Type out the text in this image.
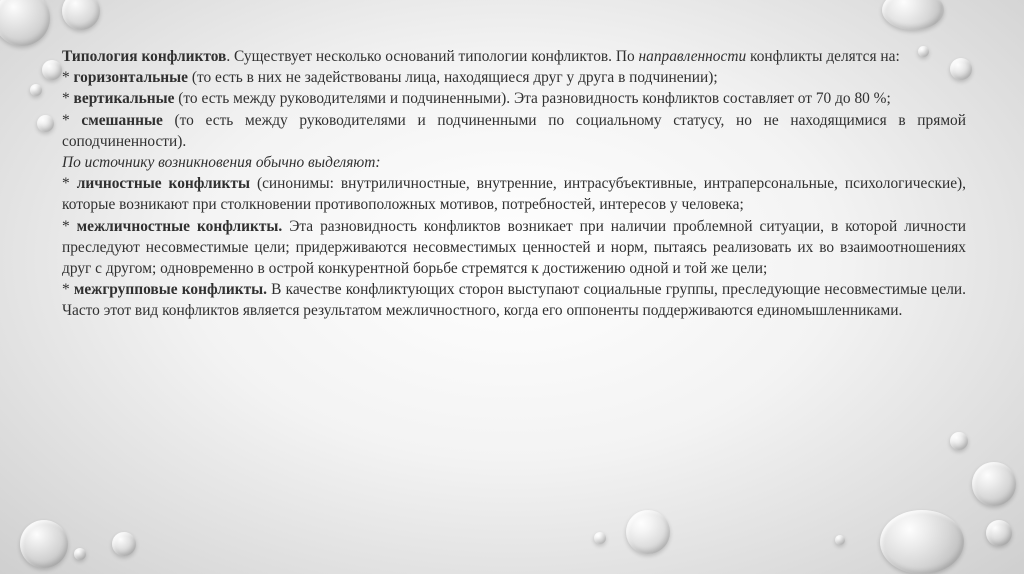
Типология конфликтов. Существует несколько оснований типологии конфликтов. По направленности конфликты делятся на:

* горизонтальные (то есть в них не задействованы лица, находящиеся друг у друга в подчинении);

* вертикальные (то есть между руководителями и подчиненными). Эта разновидность конфликтов составляет от 70 до 80 %;

* смешанные (то есть между руководителями и подчиненными по социальному статусу, но не находящимися в прямой соподчиненности).

По источнику возникновения обычно выделяют:

* личностные конфликты (синонимы: внутриличностные, внутренние, интрасубъективные, интраперсональные, психологические), которые возникают при столкновении противоположных мотивов, потребностей, интересов у человека;

* межличностные конфликты. Эта разновидность конфликтов возникает при наличии проблемной ситуации, в которой личности преследуют несовместимые цели; придерживаются несовместимых ценностей и норм, пытаясь реализовать их во взаимоотношениях друг с другом; одновременно в острой конкурентной борьбе стремятся к достижению одной и той же цели;

* межгрупповые конфликты. В качестве конфликтующих сторон выступают социальные группы, преследующие несовместимые цели. Часто этот вид конфликтов является результатом межличностного, когда его оппоненты поддерживаются единомышленниками.
